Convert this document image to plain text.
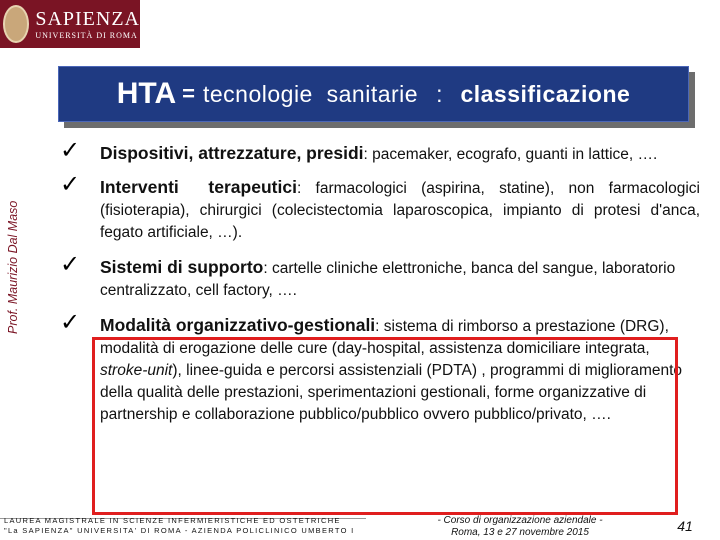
SAPIENZA
UNIVERSITÀ DI ROMA
Prof. Maurizio Dal Maso
HTA = tecnologie  sanitarie : classificazione
✓ Dispositivi, attrezzature, presidi: pacemaker, ecografo, guanti in lattice, ….
✓ Interventi  terapeutici: farmacologici (aspirina, statine), non farmacologici (fisioterapia), chirurgici (colecistectomia laparoscopica, impianto di protesi d'anca, fegato artificiale, …).
✓ Sistemi di supporto: cartelle cliniche elettroniche, banca del sangue, laboratorio centralizzato, cell factory, ….
✓ Modalità organizzativo-gestionali: sistema di rimborso a prestazione (DRG), modalità di erogazione delle cure (day-hospital, assistenza domiciliare integrata, stroke-unit), linee-guida e percorsi assistenziali (PDTA) , programmi di miglioramento della qualità delle prestazioni, sperimentazioni gestionali, forme organizzative di partnership e collaborazione pubblico/pubblico ovvero pubblico/privato, ….
LAUREA MAGISTRALE IN SCIENZE INFERMIERISTICHE ED OSTETRICHE
"La SAPIENZA" UNIVERSITA' DI ROMA - AZIENDA POLICLINICO UMBERTO I
- Corso di organizzazione aziendale -
Roma, 13 e 27 novembre 2015	41
